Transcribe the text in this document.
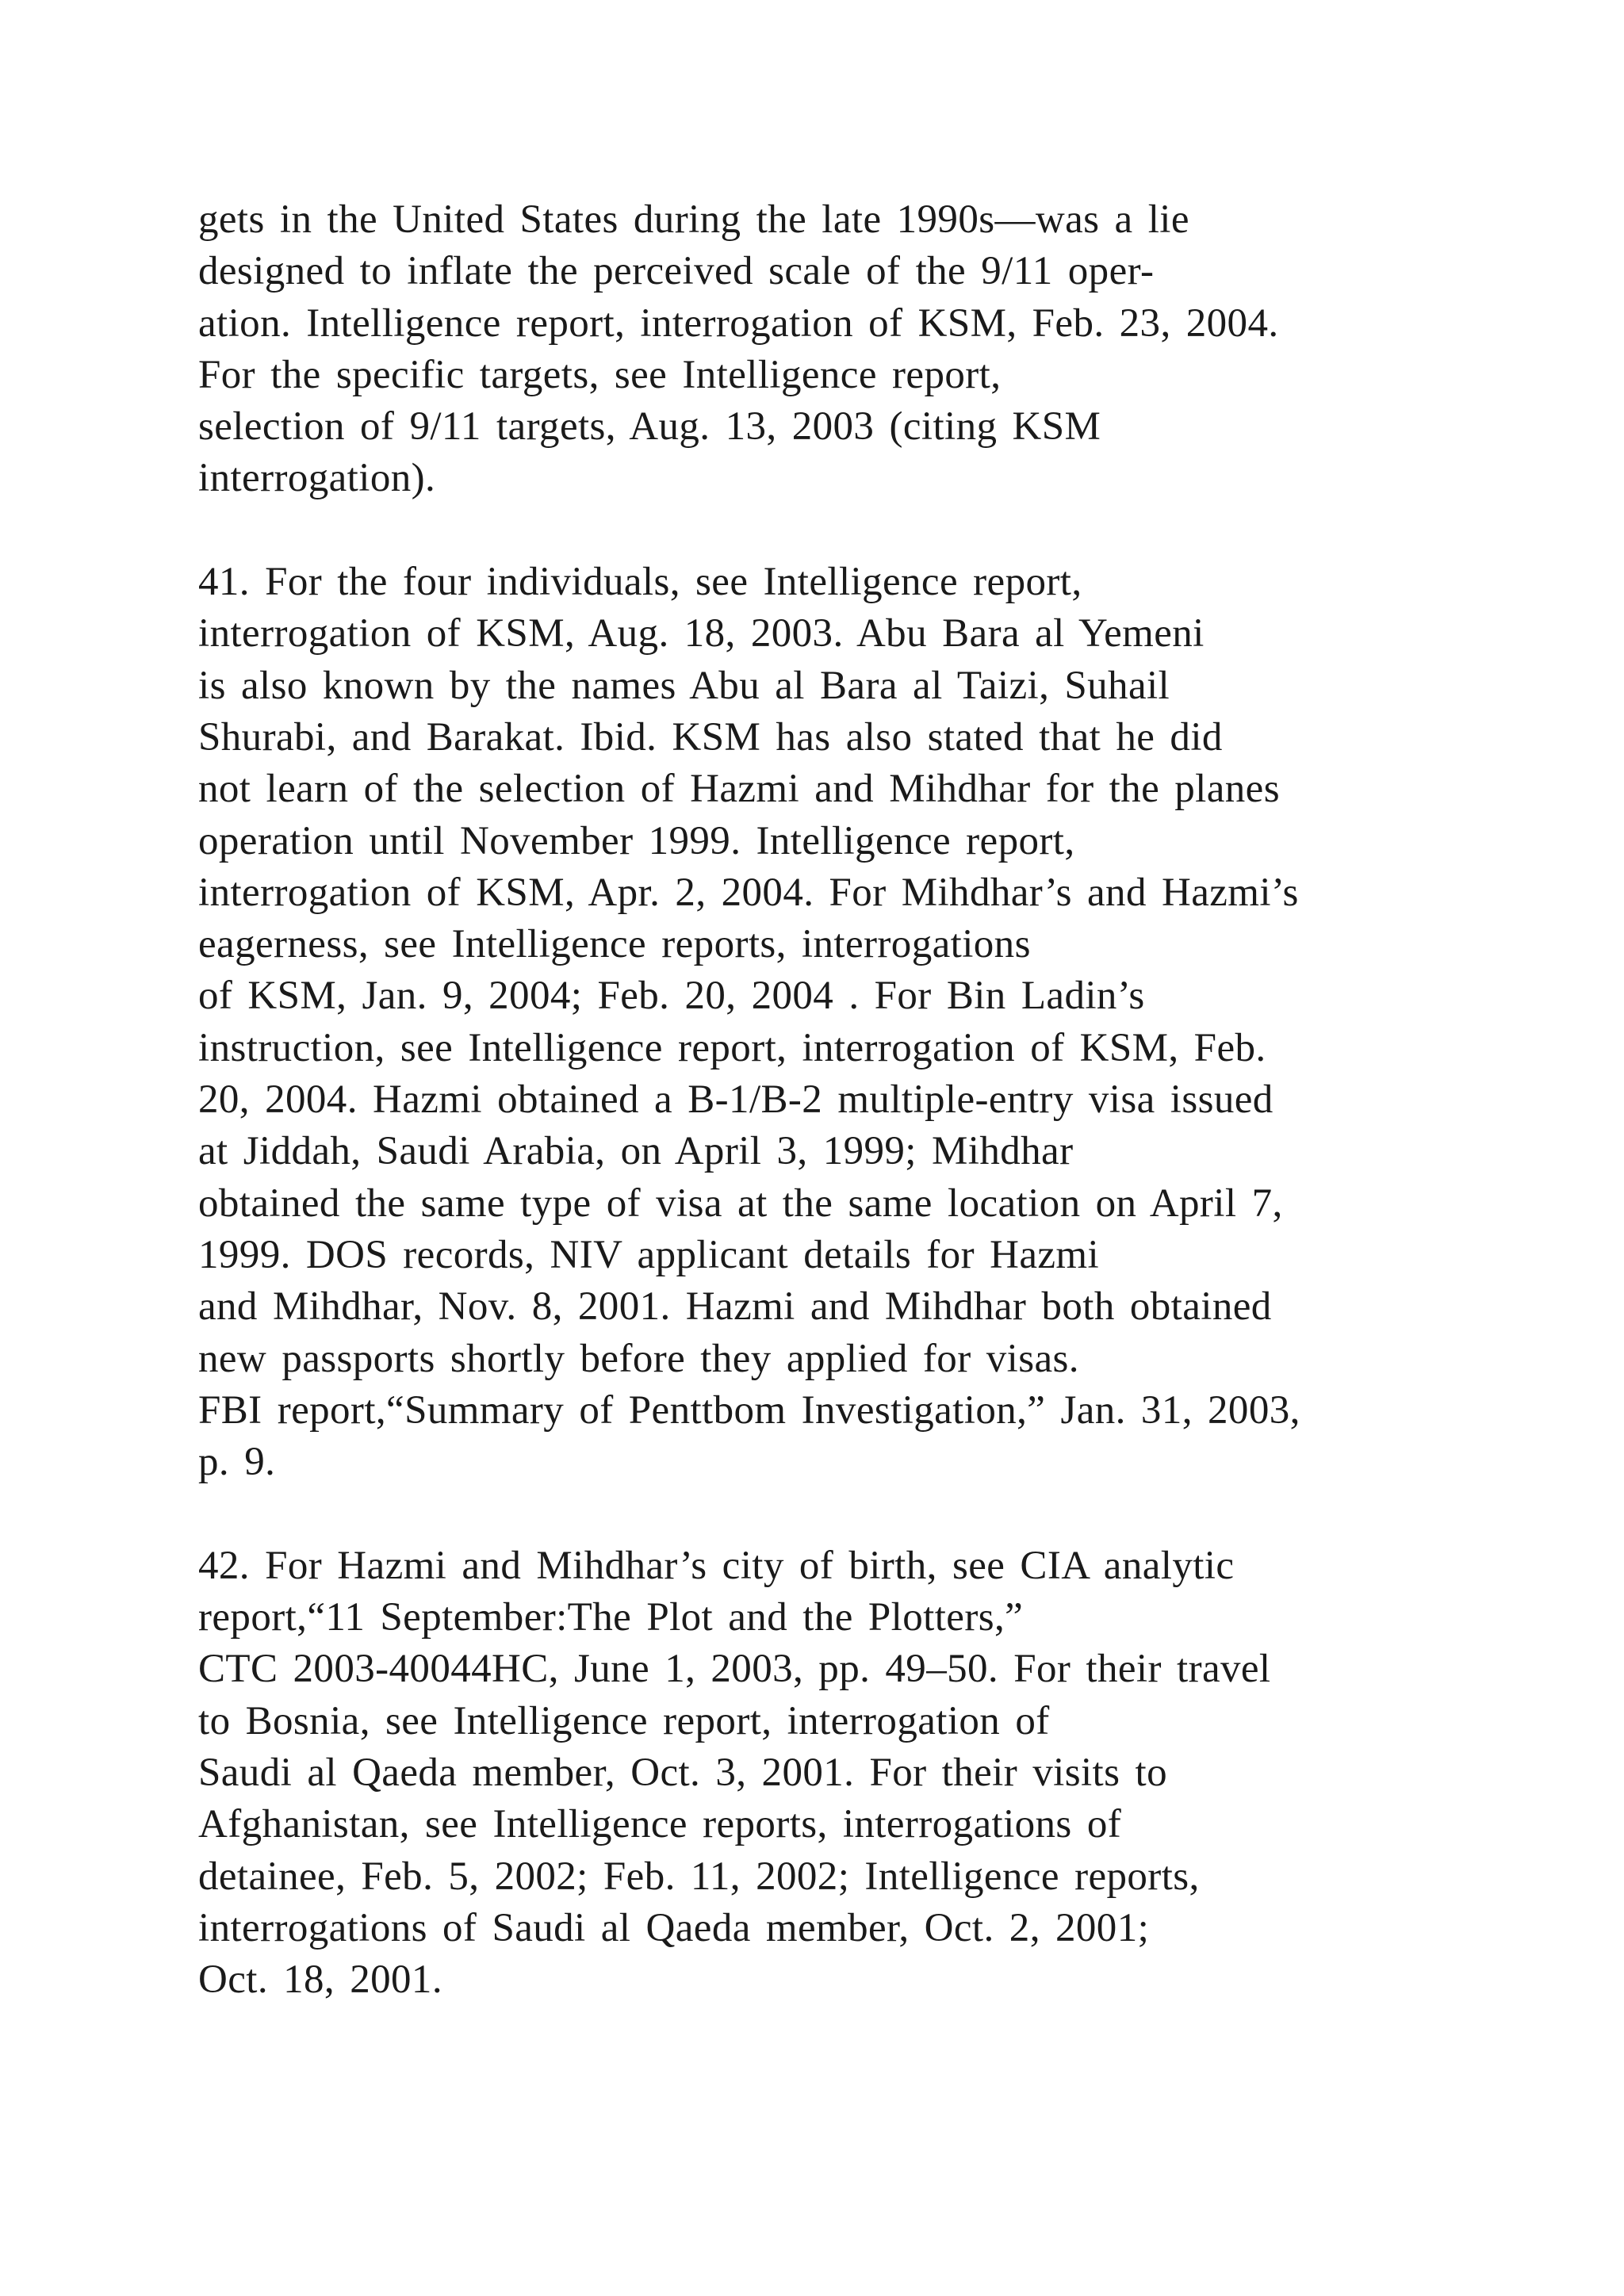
gets in the United States during the late 1990s—was a lie
designed to inflate the perceived scale of the 9/11 oper-
ation. Intelligence report, interrogation of KSM, Feb. 23, 2004.
For the specific targets, see Intelligence report,
selection of 9/11 targets, Aug. 13, 2003 (citing KSM
interrogation).
41. For the four individuals, see Intelligence report,
interrogation of KSM, Aug. 18, 2003. Abu Bara al Yemeni
is also known by the names Abu al Bara al Taizi, Suhail
Shurabi, and Barakat. Ibid. KSM has also stated that he did
not learn of the selection of Hazmi and Mihdhar for the planes
operation until November 1999. Intelligence report,
interrogation of KSM, Apr. 2, 2004. For Mihdhar’s and Hazmi’s
eagerness, see Intelligence reports, interrogations
of KSM, Jan. 9, 2004; Feb. 20, 2004 . For Bin Ladin’s
instruction, see Intelligence report, interrogation of KSM, Feb.
20, 2004. Hazmi obtained a B-1/B-2 multiple-entry visa issued
at Jiddah, Saudi Arabia, on April 3, 1999; Mihdhar
obtained the same type of visa at the same location on April 7,
1999. DOS records, NIV applicant details for Hazmi
and Mihdhar, Nov. 8, 2001. Hazmi and Mihdhar both obtained
new passports shortly before they applied for visas.
FBI report,“Summary of Penttbom Investigation,” Jan. 31, 2003,
p. 9.
42. For Hazmi and Mihdhar’s city of birth, see CIA analytic
report,“11 September:The Plot and the Plotters,”
CTC 2003-40044HC, June 1, 2003, pp. 49–50. For their travel
to Bosnia, see Intelligence report, interrogation of
Saudi al Qaeda member, Oct. 3, 2001. For their visits to
Afghanistan, see Intelligence reports, interrogations of
detainee, Feb. 5, 2002; Feb. 11, 2002; Intelligence reports,
interrogations of Saudi al Qaeda member, Oct. 2, 2001;
Oct. 18, 2001.
